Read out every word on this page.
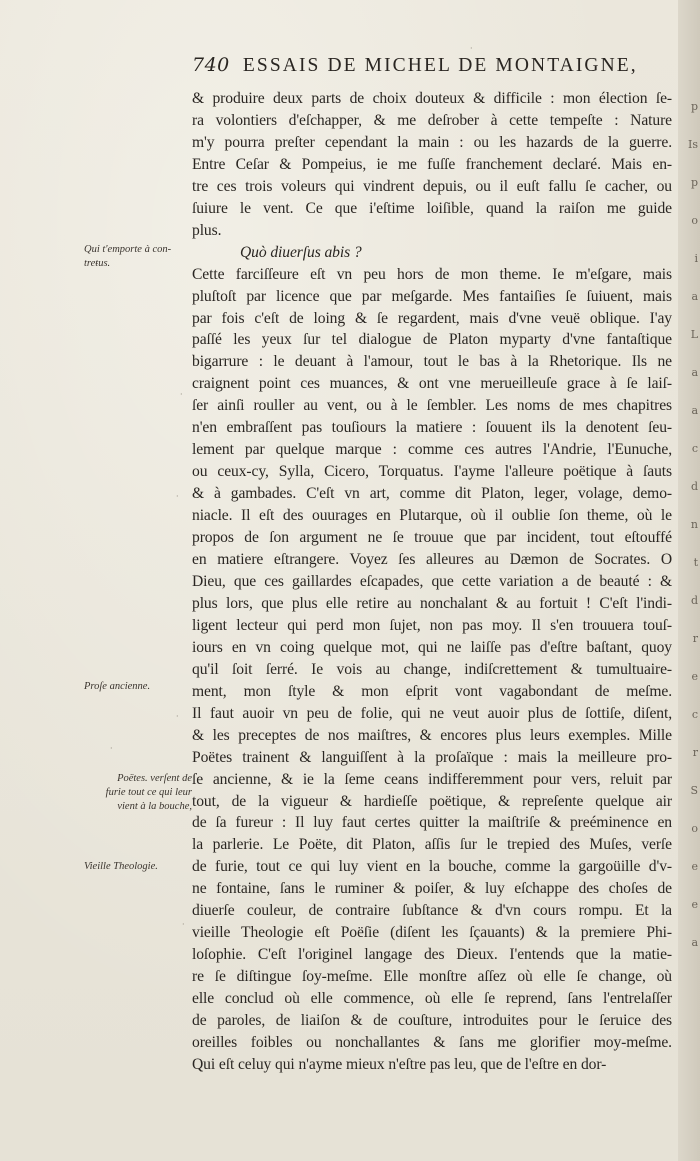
p
Is
p
o
i
a
L
a
a
c
d
n
t
d
r
e
c
r
S
o
e
e
a
740 ESSAIS DE MICHEL DE MONTAIGNE,
& produire deux parts de choix douteux & difficile : mon élection ſe-
ra volontiers d'eſchapper, & me deſrober à cette tempeſte : Nature
m'y pourra preſter cependant la main : ou les hazards de la guerre.
Entre Ceſar & Pompeius, ie me fuſſe franchement declaré. Mais en-
tre ces trois voleurs qui vindrent depuis, ou il euſt fallu ſe cacher, ou
ſuiure le vent. Ce que i'eſtime loiſible, quand la raiſon me guide
plus.
Quò diuerſus abis ?
Cette farciſſeure eſt vn peu hors de mon theme. Ie m'eſgare, mais
pluſtoſt par licence que par meſgarde. Mes fantaiſies ſe ſuiuent, mais
par fois c'eſt de loing & ſe regardent, mais d'vne veuë oblique. I'ay
paſſé les yeux ſur tel dialogue de Platon myparty d'vne fantaſtique
bigarrure : le deuant à l'amour, tout le bas à la Rhetorique. Ils ne
craignent point ces muances, & ont vne merueilleuſe grace à ſe laiſ-
ſer ainſi rouller au vent, ou à le ſembler. Les noms de mes chapitres
n'en embraſſent pas touſiours la matiere : ſouuent ils la denotent ſeu-
lement par quelque marque : comme ces autres l'Andrie, l'Eunuche,
ou ceux-cy, Sylla, Cicero, Torquatus. I'ayme l'alleure poëtique à ſauts
& à gambades. C'eſt vn art, comme dit Platon, leger, volage, demo-
niacle. Il eſt des ouurages en Plutarque, où il oublie ſon theme, où le
propos de ſon argument ne ſe trouue que par incident, tout eſtouffé
en matiere eſtrangere. Voyez ſes alleures au Dæmon de Socrates. O
Dieu, que ces gaillardes eſcapades, que cette variation a de beauté : &
plus lors, que plus elle retire au nonchalant & au fortuit ! C'eſt l'indi-
ligent lecteur qui perd mon ſujet, non pas moy. Il s'en trouuera touſ-
iours en vn coing quelque mot, qui ne laiſſe pas d'eſtre baſtant, quoy
qu'il ſoit ſerré. Ie vois au change, indiſcrettement & tumultuaire-
ment, mon ſtyle & mon eſprit vont vagabondant de meſme.
Il faut auoir vn peu de folie, qui ne veut auoir plus de ſottiſe, diſent,
& les preceptes de nos maiſtres, & encores plus leurs exemples. Mille
Poëtes trainent & languiſſent à la proſaïque : mais la meilleure pro-
ſe ancienne, & ie la ſeme ceans indifferemment pour vers, reluit par
tout, de la vigueur & hardieſſe poëtique, & repreſente quelque air
de ſa fureur : Il luy faut certes quitter la maiſtriſe & preéminence en
la parlerie. Le Poëte, dit Platon, aſſis ſur le trepied des Muſes, verſe
de furie, tout ce qui luy vient en la bouche, comme la gargoüille d'v-
ne fontaine, ſans le ruminer & poiſer, & luy eſchappe des choſes de
diuerſe couleur, de contraire ſubſtance & d'vn cours rompu. Et la
vieille Theologie eſt Poëſie (diſent les ſçauants) & la premiere Phi-
loſophie. C'eſt l'originel langage des Dieux. I'entends que la matie-
re ſe diſtingue ſoy-meſme. Elle monſtre aſſez où elle ſe change, où
elle conclud où elle commence, où elle ſe reprend, ſans l'entrelaſſer
de paroles, de liaiſon & de couſture, introduites pour le ſeruice des
oreilles foibles ou nonchallantes & ſans me glorifier moy-meſme.
Qui eſt celuy qui n'ayme mieux n'eſtre pas leu, que de l'eſtre en dor-
Qui t'emporte à con-
treŧus.
Proſe ancienne.
Poëtes. verſent de
furie tout ce qui leur
vient à la bouche,
Vieille Theologie.
·
·
·
·
·
·
